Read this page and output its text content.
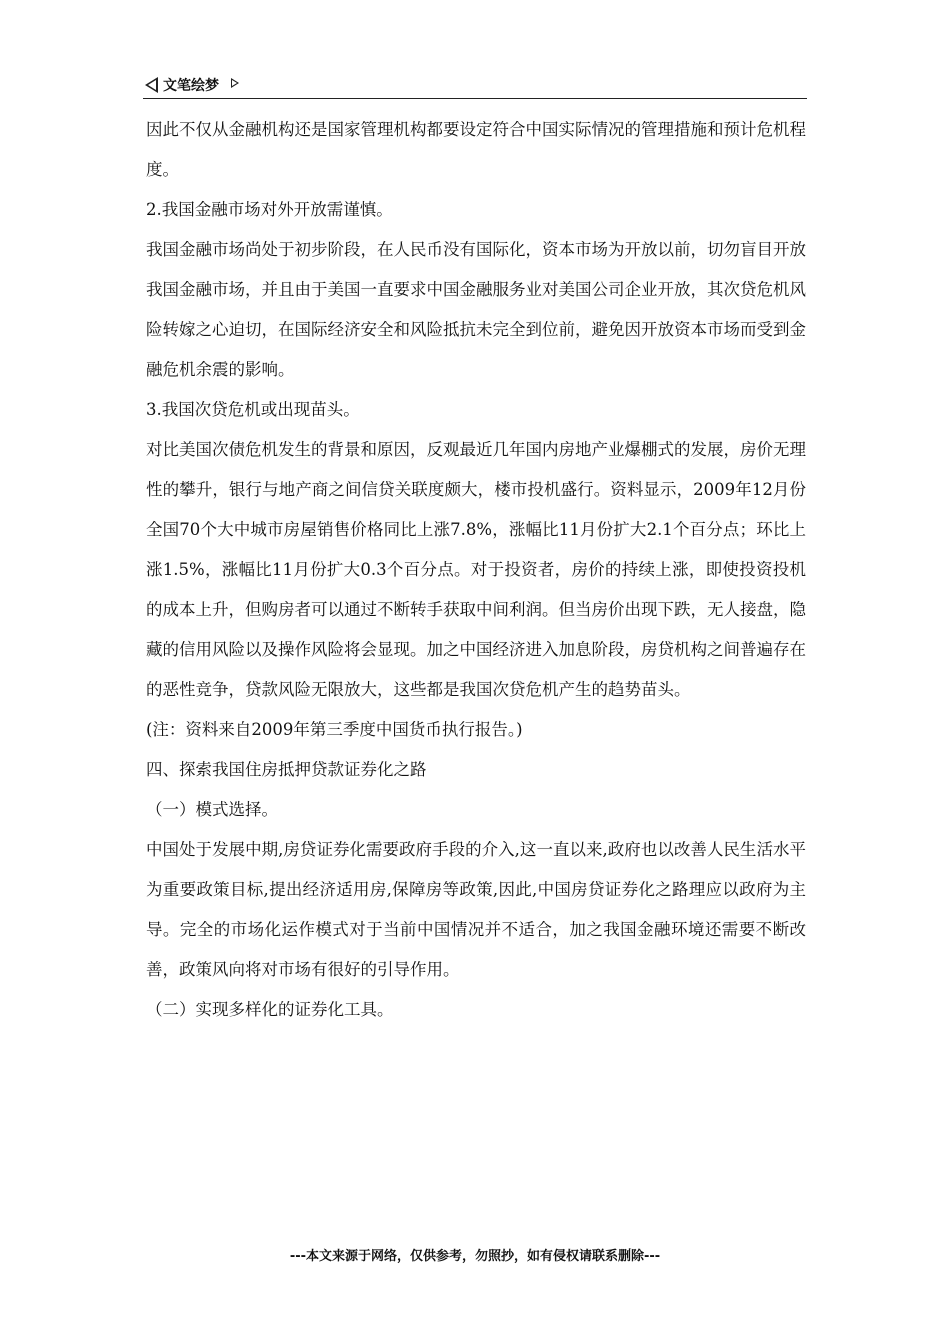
文笔绘梦

因此不仅从金融机构还是国家管理机构都要设定符合中国实际情况的管理措施和预计危机程度。

2.我国金融市场对外开放需谨慎。

我国金融市场尚处于初步阶段，在人民币没有国际化，资本市场为开放以前，切勿盲目开放我国金融市场，并且由于美国一直要求中国金融服务业对美国公司企业开放，其次贷危机风险转嫁之心迫切，在国际经济安全和风险抵抗未完全到位前，避免因开放资本市场而受到金融危机余震的影响。

3.我国次贷危机或出现苗头。

对比美国次债危机发生的背景和原因，反观最近几年国内房地产业爆棚式的发展，房价无理性的攀升，银行与地产商之间信贷关联度颇大，楼市投机盛行。资料显示，2009年12月份全国70个大中城市房屋销售价格同比上涨7.8%，涨幅比11月份扩大2.1个百分点；环比上涨1.5%，涨幅比11月份扩大0.3个百分点。对于投资者，房价的持续上涨，即使投资投机的成本上升，但购房者可以通过不断转手获取中间利润。但当房价出现下跌，无人接盘，隐藏的信用风险以及操作风险将会显现。加之中国经济进入加息阶段，房贷机构之间普遍存在的恶性竞争，贷款风险无限放大，这些都是我国次贷危机产生的趋势苗头。

(注：资料来自2009年第三季度中国货币执行报告。)

四、探索我国住房抵押贷款证券化之路

（一）模式选择。

中国处于发展中期,房贷证券化需要政府手段的介入,这一直以来,政府也以改善人民生活水平为重要政策目标,提出经济适用房,保障房等政策,因此,中国房贷证券化之路理应以政府为主导。完全的市场化运作模式对于当前中国情况并不适合，加之我国金融环境还需要不断改善，政策风向将对市场有很好的引导作用。

（二）实现多样化的证券化工具。

---本文来源于网络，仅供参考，勿照抄，如有侵权请联系删除---
